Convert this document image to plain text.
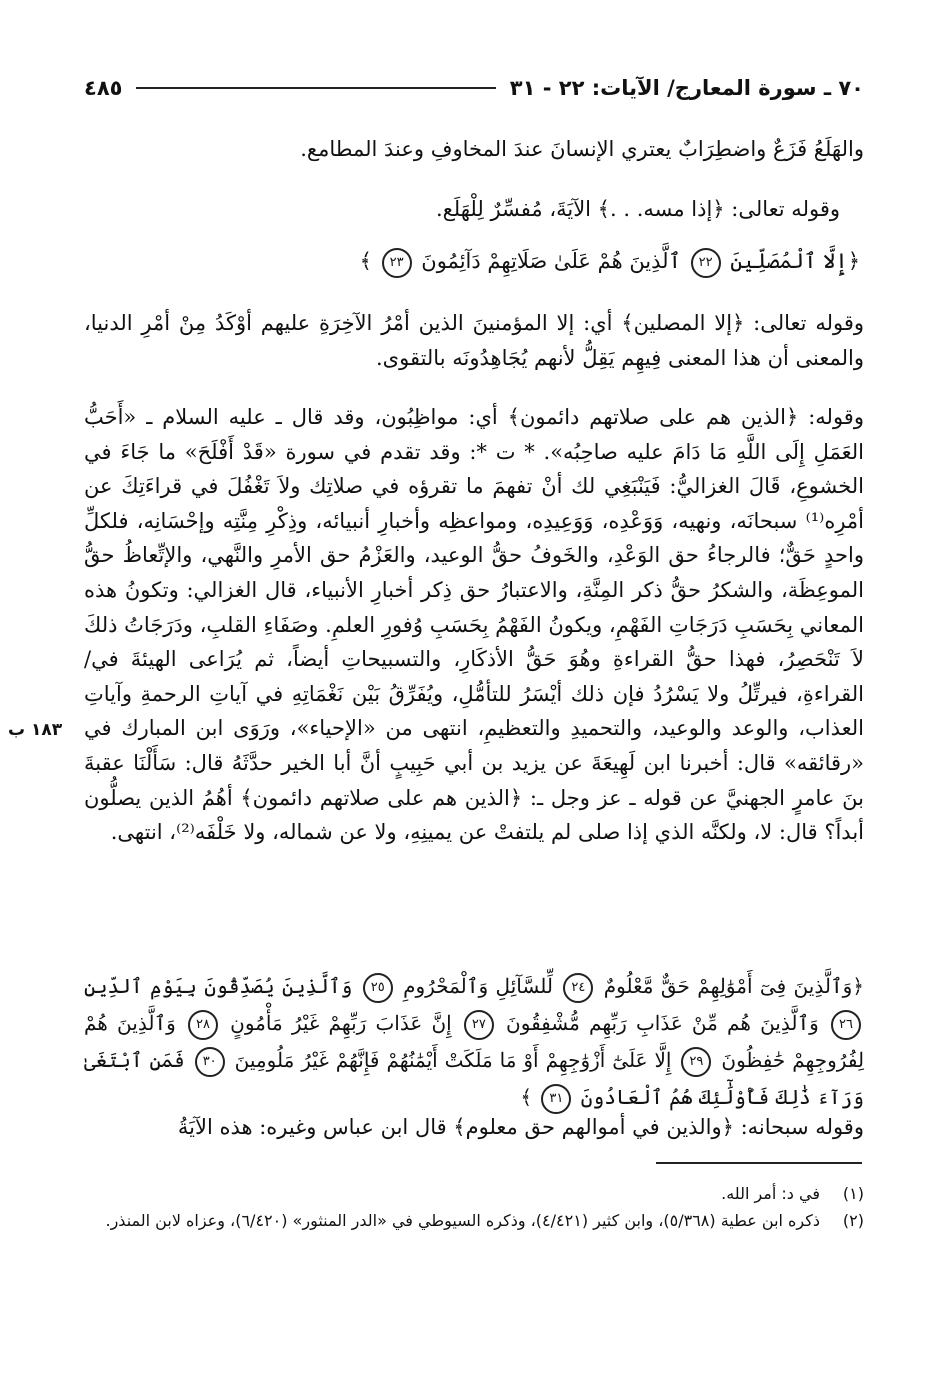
٧٠ ـ سورة المعارج/ الآيات: ٢٢ - ٣١
٤٨٥

والهَلَعُ فَزَعٌ واضطِرَابٌ يعتري الإنسانَ عندَ المخاوفِ وعندَ المطامع.

وقوله تعالى: ﴿إذا مسه. . .﴾ الآيَةَ، مُفسِّرٌ لِلْهَلَع.

﴿إِلَّا ٱلْمُصَلِّينَ ٢٢ ٱلَّذِينَ هُمْ عَلَىٰ صَلَاتِهِمْ دَآئِمُونَ ٢٣ ﴾

وقوله تعالى: ﴿إلا المصلين﴾ أي: إلا المؤمنينَ الذين أمْرُ الآخِرَةِ عليهم أوْكَدُ مِنْ أمْرِ الدنيا، والمعنى أن هذا المعنى فِيهِم يَقِلُّ لأنهم يُجَاهِدُونَه بالتقوى.

وقوله: ﴿الذين هم على صلاتهم دائمون﴾ أي: مواظِبُون، وقد قال ـ عليه السلام ـ «أَحَبُّ العَمَلِ إِلَى اللَّهِ مَا دَامَ عليه صاحِبُه». * ت *: وقد تقدم في سورة «قَدْ أَفْلَحَ» ما جَاءَ في الخشوعِ، قَالَ الغزاليُّ: فَيَنْبَغِي لك أنْ تفهمَ ما تقرؤه في صلاتِك ولاَ تَغْفُلَ في قراءَتِكَ عن أمْرِه⁽¹⁾ سبحانَه، ونهيه، وَوَعْدِه، وَوَعِيدِه، ومواعظِه وأخبارِ أنبيائه، وذِكْرِ مِنَّتِه وإحْسَانِه، فلكلِّ واحدٍ حَقٌّ؛ فالرجاءُ حق الوَعْدِ، والخَوفُ حقُّ الوعيد، والعَزْمُ حق الأمرِ والنَّهي، والإتِّعاظُ حقُّ الموعِظَة، والشكرُ حقُّ ذكر المِنَّةِ، والاعتبارُ حق ذِكر أخبارِ الأنبياء، قال الغزالي: وتكونُ هذه المعاني بِحَسَبِ دَرَجَاتِ الفَهْمِ، ويكونُ الفَهْمُ بِحَسَبِ وُفورِ العلمِ. وصَفَاءِ القلبِ، ودَرَجَاتُ ذلكَ لاَ تَنْحَصِرُ، فهذا حقُّ القراءةِ وهُوَ حَقُّ الأذكَارِ، والتسبيحاتِ أيضاً، ثم يُرَاعى الهيئةَ في/ القراءةِ، فيرتِّلُ ولا يَسْرُدُ فإن ذلك أيْسَرُ للتأمُّلِ، ويُفَرِّقُ بَيْن نَغْمَاتِهِ في آياتِ الرحمةِ وآياتِ العذاب، والوعد والوعيد، والتحميدِ والتعظيمِ، انتهى من «الإحياء»، ورَوَى ابن المبارك في «رقائقه» قال: أخبرنا ابن لَهِيعَةَ عن يزيد بن أبي حَبِيبٍ أنَّ أبا الخير حدَّثَهُ قال: سَأَلْنَا عقبةَ بنَ عامرٍ الجهنيَّ عن قوله ـ عز وجل ـ: ﴿الذين هم على صلاتهم دائمون﴾ أهُمُ الذين يصلُّون أبداً؟ قال: لا، ولكنَّه الذي إذا صلى لم يلتفتْ عن يمينِهِ، ولا عن شماله، ولا خَلْفَه⁽²⁾، انتهى.

١٨٣ ب
﴿وَٱلَّذِينَ فِىٓ أَمْوَٰلِهِمْ حَقٌّ مَّعْلُومٌ ٢٤ لِّلسَّآئِلِ وَٱلْمَحْرُومِ ٢٥ وَٱلَّذِينَ يُصَدِّقُونَ بِيَوْمِ ٱلدِّينِ ٢٦ وَٱلَّذِينَ هُم مِّنْ عَذَابِ رَبِّهِم مُّشْفِقُونَ ٢٧ إِنَّ عَذَابَ رَبِّهِمْ غَيْرُ مَأْمُونٍ ٢٨ وَٱلَّذِينَ هُمْ لِفُرُوجِهِمْ حَٰفِظُونَ ٢٩ إِلَّا عَلَىٰٓ أَزْوَٰجِهِمْ أَوْ مَا مَلَكَتْ أَيْمَٰنُهُمْ فَإِنَّهُمْ غَيْرُ مَلُومِينَ ٣٠ فَمَنِ ٱبْتَغَىٰ وَرَآءَ ذَٰلِكَ فَأُوْلَٰٓئِكَ هُمُ ٱلْعَادُونَ ٣١ ﴾

وقوله سبحانه: ﴿والذين في أموالهم حق معلوم﴾ قال ابن عباس وغيره: هذه الآيَةُ

(١)
في د: أمر الله.
(٢)
ذكره ابن عطية (٥/٣٦٨)، وابن كثير (٤/٤٢١)، وذكره السيوطي في «الدر المنثور» (٦/٤٢٠)، وعزاه لابن المنذر.
